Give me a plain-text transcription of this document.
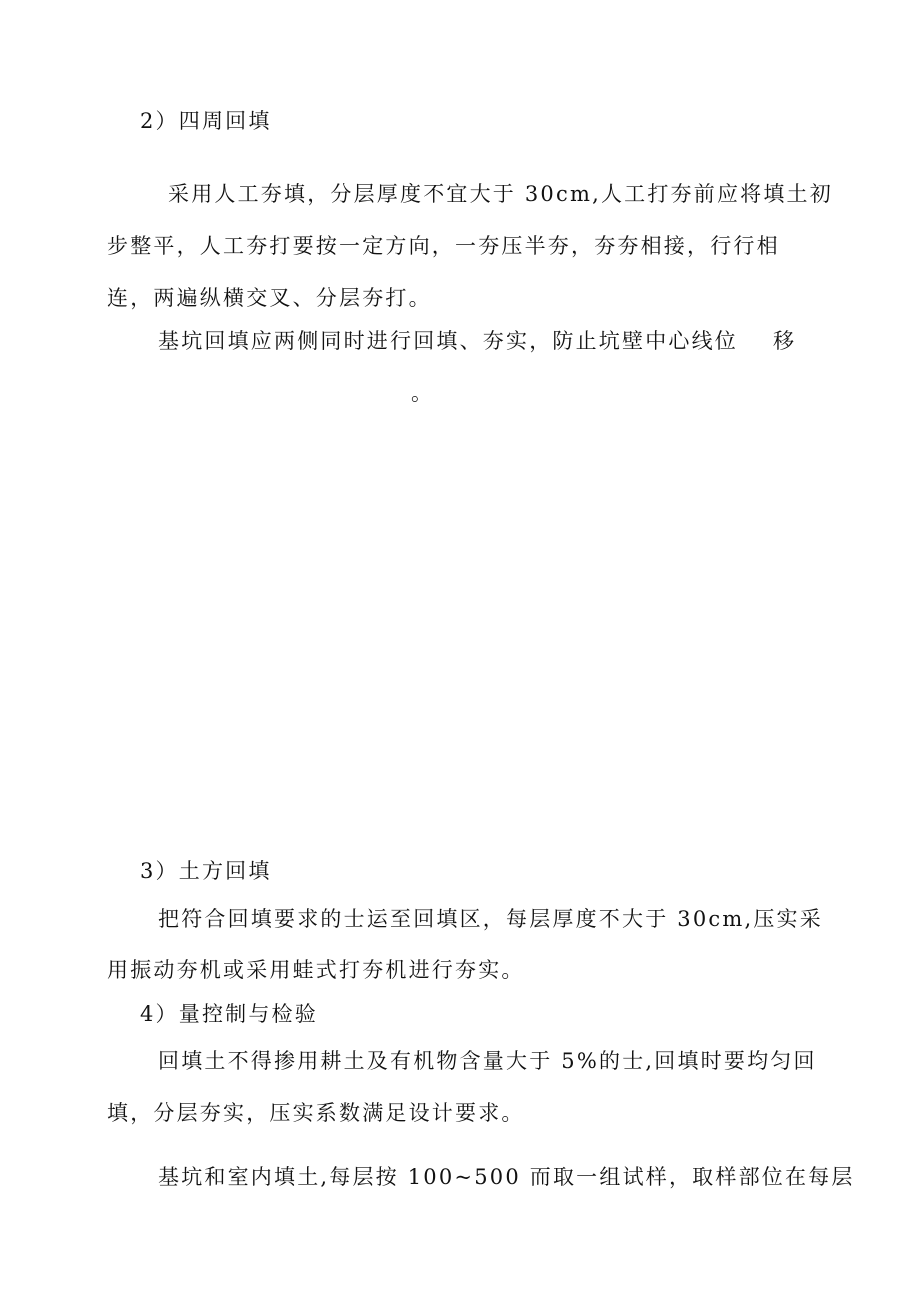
2）四周回填
采用人工夯填，分层厚度不宜大于 30cm,人工打夯前应将填土初
步整平，人工夯打要按一定方向，一夯压半夯，夯夯相接，行行相
连，两遍纵横交叉、分层夯打。
基坑回填应两侧同时进行回填、夯实，防止坑壁中心线位 移
。
3）土方回填
把符合回填要求的士运至回填区，每层厚度不大于 30cm,压实采
用振动夯机或采用蛙式打夯机进行夯实。
4）量控制与检验
回填土不得掺用耕土及有机物含量大于 5%的士,回填时要均匀回
填，分层夯实，压实系数满足设计要求。
基坑和室内填土,每层按 100~500 而取一组试样，取样部位在每层
